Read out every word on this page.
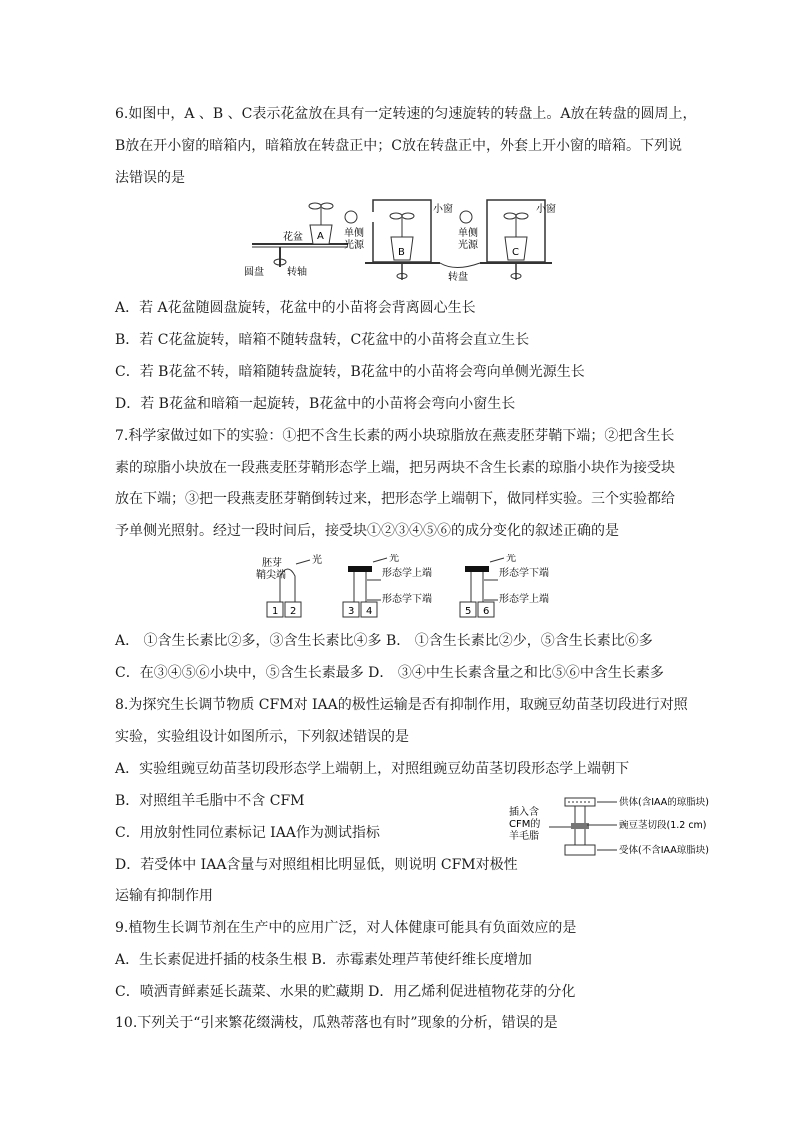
6.如图中，A 、B 、C表示花盆放在具有一定转速的匀速旋转的转盘上。A放在转盘的圆周上，
B放在开小窗的暗箱内，暗箱放在转盘正中；C放在转盘正中，外套上开小窗的暗箱。下列说
法错误的是
花盆 A
圆盘 转轴
单侧
光源
B
小窗
单侧
光源
C
小窗
转盘
A．若 A花盆随圆盘旋转，花盆中的小苗将会背离圆心生长
B．若 C花盆旋转，暗箱不随转盘转，C花盆中的小苗将会直立生长
C．若 B花盆不转，暗箱随转盘旋转，B花盆中的小苗将会弯向单侧光源生长
D．若 B花盆和暗箱一起旋转，B花盆中的小苗将会弯向小窗生长
7.科学家做过如下的实验：①把不含生长素的两小块琼脂放在燕麦胚芽鞘下端；②把含生长
素的琼脂小块放在一段燕麦胚芽鞘形态学上端，把另两块不含生长素的琼脂小块作为接受块
放在下端；③把一段燕麦胚芽鞘倒转过来，把形态学上端朝下，做同样实验。三个实验都给
予单侧光照射。经过一段时间后，接受块①②③④⑤⑥的成分变化的叙述正确的是
胚芽
鞘尖端
光
1 2
光
形态学上端
形态学下端
3 4
光
形态学下端
形态学上端
5 6
A． ①含生长素比②多，③含生长素比④多 B． ①含生长素比②少，⑤含生长素比⑥多
C．在③④⑤⑥小块中，⑤含生长素最多 D． ③④中生长素含量之和比⑤⑥中含生长素多
8.为探究生长调节物质 CFM对 IAA的极性运输是否有抑制作用，取豌豆幼苗茎切段进行对照
实验，实验组设计如图所示，下列叙述错误的是
A．实验组豌豆幼苗茎切段形态学上端朝上，对照组豌豆幼苗茎切段形态学上端朝下
B．对照组羊毛脂中不含 CFM
C．用放射性同位素标记 IAA作为测试指标
D．若受体中 IAA含量与对照组相比明显低，则说明 CFM对极性
运输有抑制作用
插入含
CFM的
羊毛脂
供体(含ⅠAA的琼脂块)
豌豆茎切段(1.2 cm)
受体(不含ⅠAA琼脂块)
9.植物生长调节剂在生产中的应用广泛，对人体健康可能具有负面效应的是
A．生长素促进扦插的枝条生根 B．赤霉素处理芦苇使纤维长度增加
C．喷洒青鲜素延长蔬菜、水果的贮藏期 D．用乙烯利促进植物花芽的分化
10.下列关于“引来繁花缀满枝，瓜熟蒂落也有时”现象的分析，错误的是
